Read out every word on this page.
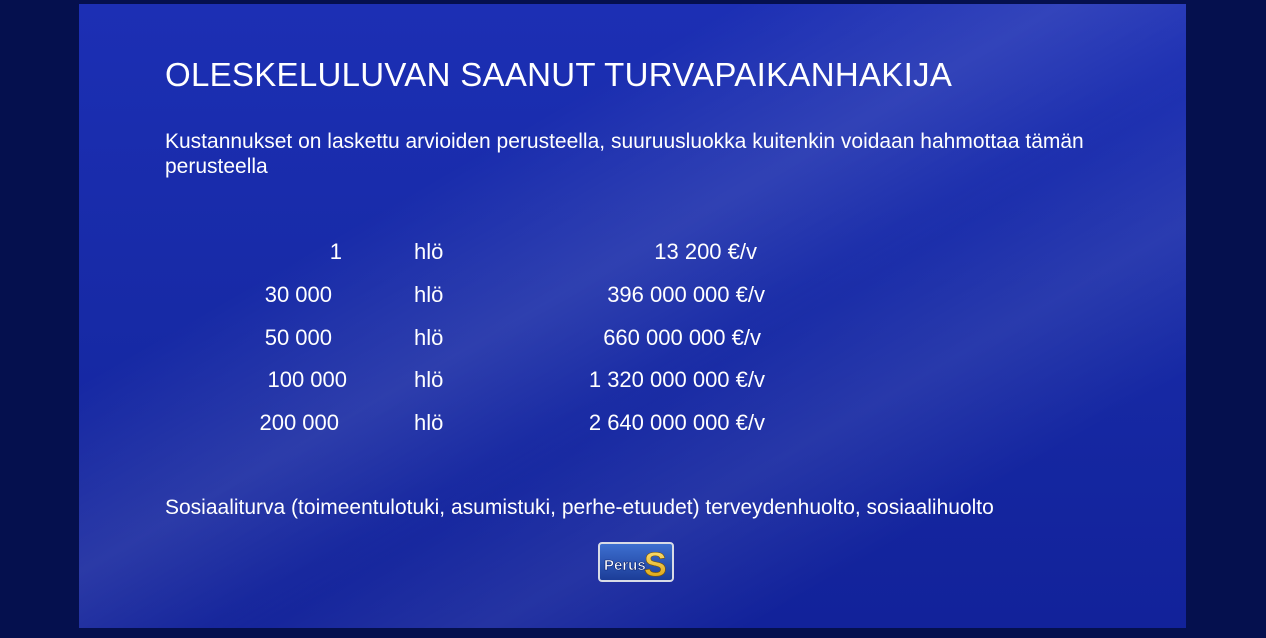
OLESKELULUVAN SAANUT TURVAPAIKANHAKIJA
Kustannukset on laskettu arvioiden perusteella, suuruusluokka kuitenkin voidaan hahmottaa tämän perusteella
1	hlö	13 200 €/v
30 000	hlö	396 000 000 €/v
50 000	hlö	660 000 000 €/v
100 000	hlö	1 320 000 000 €/v
200 000	hlö	2 640 000 000 €/v
Sosiaaliturva (toimeentulotuki, asumistuki, perhe-etuudet) terveydenhuolto, sosiaalihuolto
Perus
S
